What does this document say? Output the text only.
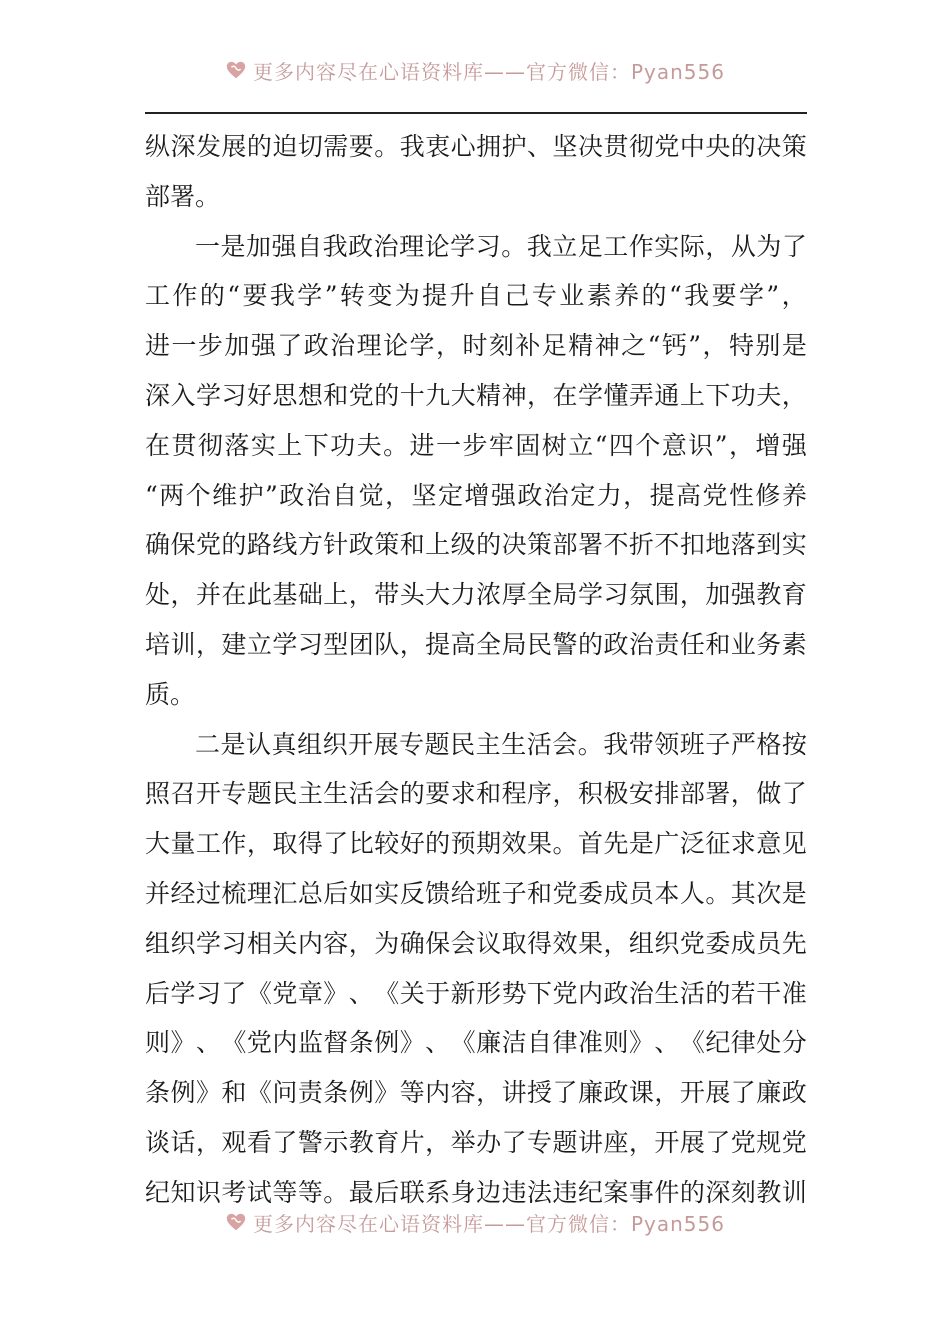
更多内容尽在心语资料库——官方微信：Pyan556
纵 深 发 展 的 迫 切 需 要 。 我 衷 心 拥 护 、 坚 决 贯 彻 党 中 央 的 决 策
部署。
一 是 加 强 自 我 政 治 理 论 学 习 。 我 立 足 工 作 实 际 ， 从 为 了
工 作 的 “ 要 我 学 ” 转 变 为 提 升 自 己 专 业 素 养 的 “ 我 要 学 ” ，
进 一 步 加 强 了 政 治 理 论 学 ， 时 刻 补 足 精 神 之 “ 钙 ” ， 特 别 是
深 入 学 习 好 思 想 和 党 的 十 九 大 精 神 ， 在 学 懂 弄 通 上 下 功 夫 ，
在 贯 彻 落 实 上 下 功 夫 。 进 一 步 牢 固 树 立 “ 四 个 意 识 ” ， 增 强
“ 两 个 维 护 ” 政 治 自 觉 ， 坚 定 增 强 政 治 定 力 ， 提 高 党 性 修 养
确 保 党 的 路 线 方 针 政 策 和 上 级 的 决 策 部 署 不 折 不 扣 地 落 到 实
处 ， 并 在 此 基 础 上 ， 带 头 大 力 浓 厚 全 局 学 习 氛 围 ， 加 强 教 育
培 训 ， 建 立 学 习 型 团 队 ， 提 高 全 局 民 警 的 政 治 责 任 和 业 务 素
质。
二 是 认 真 组 织 开 展 专 题 民 主 生 活 会 。 我 带 领 班 子 严 格 按
照 召 开 专 题 民 主 生 活 会 的 要 求 和 程 序 ， 积 极 安 排 部 署 ， 做 了
大 量 工 作 ， 取 得 了 比 较 好 的 预 期 效 果 。 首 先 是 广 泛 征 求 意 见
并 经 过 梳 理 汇 总 后 如 实 反 馈 给 班 子 和 党 委 成 员 本 人 。 其 次 是
组 织 学 习 相 关 内 容 ， 为 确 保 会 议 取 得 效 果 ， 组 织 党 委 成 员 先
后 学 习 了 《 党 章 》 、 《 关 于 新 形 势 下 党 内 政 治 生 活 的 若 干 准
则 》 、 《 党 内 监 督 条 例 》 、 《 廉 洁 自 律 准 则 》 、 《 纪 律 处 分
条 例 》 和 《 问 责 条 例 》 等 内 容 ， 讲 授 了 廉 政 课 ， 开 展 了 廉 政
谈 话 ， 观 看 了 警 示 教 育 片 ， 举 办 了 专 题 讲 座 ， 开 展 了 党 规 党
纪 知 识 考 试 等 等 。 最 后 联 系 身 边 违 法 违 纪 案 事 件 的 深 刻 教 训
更多内容尽在心语资料库——官方微信：Pyan556
